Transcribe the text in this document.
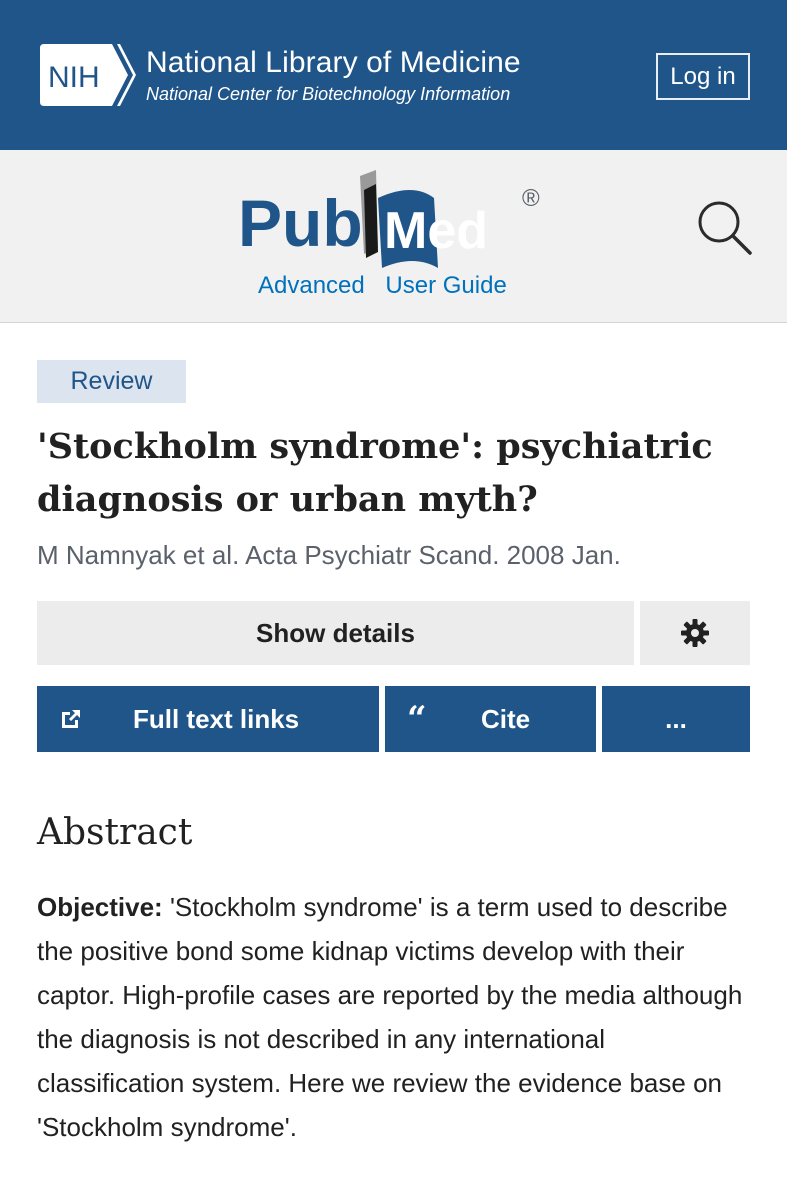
NIH National Library of Medicine
National Center for Biotechnology Information
Log in
Pub Med
®
Advanced User Guide
Review
'Stockholm syndrome': psychiatric diagnosis or urban myth?
M Namnyak et al. Acta Psychiatr Scand. 2008 Jan.
Show details
Full text links	“ Cite	...
Abstract
Objective: 'Stockholm syndrome' is a term used to describe the positive bond some kidnap victims develop with their captor. High-profile cases are reported by the media although the diagnosis is not described in any international classification system. Here we review the evidence base on 'Stockholm syndrome'.
